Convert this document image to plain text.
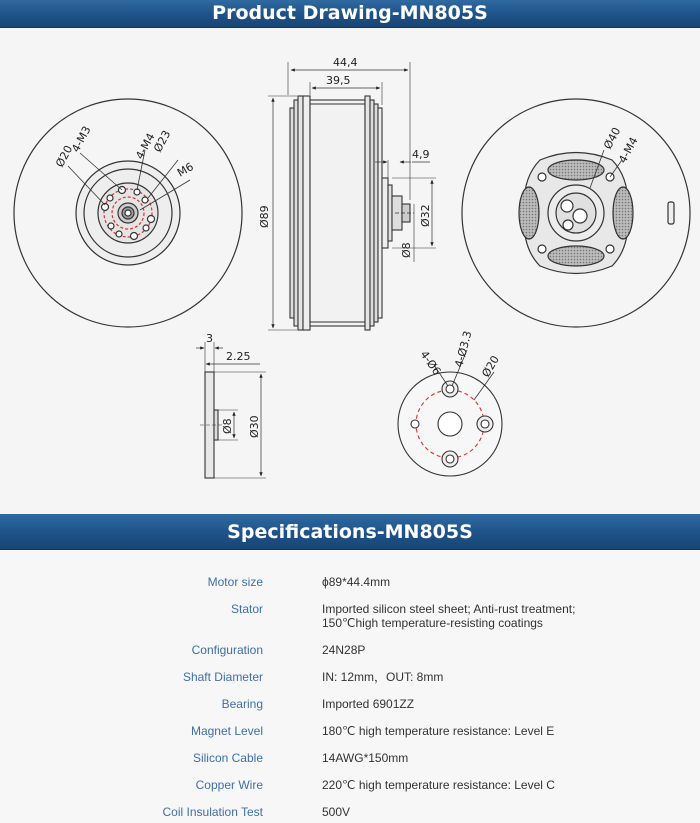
Product Drawing-MN805S
Ø20
4-M3	4-M4
Ø23
M6
44,4
39,5
4,9
Ø89	Ø32
Ø8
Ø40
4-M4
3
2.25
Ø8 Ø30
4-Ø6 4-Ø3.3 Ø20
Specifications-MN805S
Motor size	ϕ89*44.4mm
Stator	Imported silicon steel sheet; Anti-rust treatment;
150℃high temperature-resisting coatings
Configuration	24N28P
Shaft Diameter	IN: 12mm，OUT: 8mm
Bearing	Imported 6901ZZ
Magnet Level	180℃ high temperature resistance: Level E
Silicon Cable	14AWG*150mm
Copper Wire	220℃ high temperature resistance: Level C
Coil Insulation Test	500V
